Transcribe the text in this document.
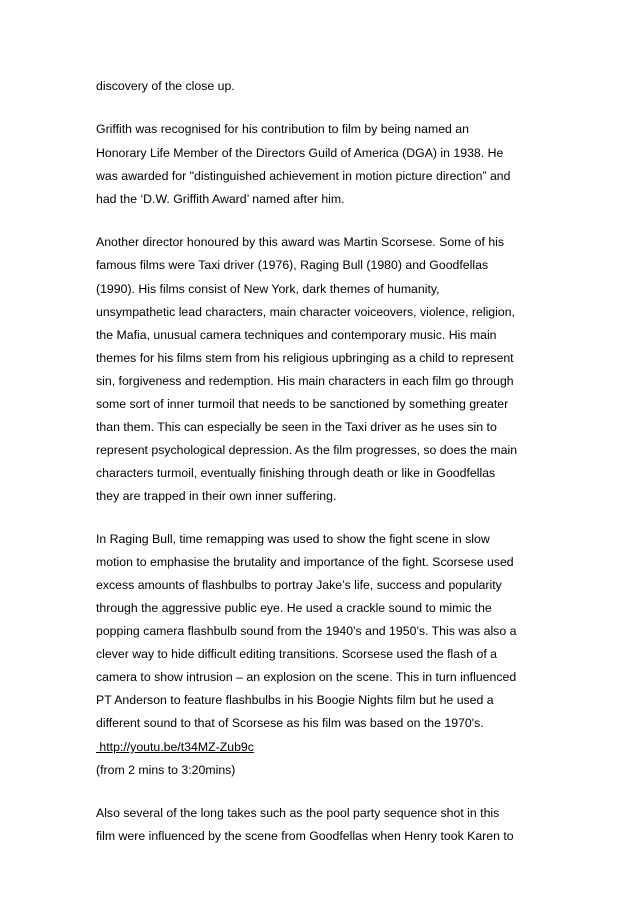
discovery of the close up.
Griffith was recognised for his contribution to film by being named an
Honorary Life Member of the Directors Guild of America (DGA) in 1938. He
was awarded for "distinguished achievement in motion picture direction” and
had the ‘D.W. Griffith Award’ named after him.
Another director honoured by this award was Martin Scorsese. Some of his
famous films were Taxi driver (1976), Raging Bull (1980) and Goodfellas
(1990). His films consist of New York, dark themes of humanity,
unsympathetic lead characters, main character voiceovers, violence, religion,
the Mafia, unusual camera techniques and contemporary music. His main
themes for his films stem from his religious upbringing as a child to represent
sin, forgiveness and redemption. His main characters in each film go through
some sort of inner turmoil that needs to be sanctioned by something greater
than them. This can especially be seen in the Taxi driver as he uses sin to
represent psychological depression. As the film progresses, so does the main
characters turmoil, eventually finishing through death or like in Goodfellas
they are trapped in their own inner suffering.
In Raging Bull, time remapping was used to show the fight scene in slow
motion to emphasise the brutality and importance of the fight. Scorsese used
excess amounts of flashbulbs to portray Jake’s life, success and popularity
through the aggressive public eye. He used a crackle sound to mimic the
popping camera flashbulb sound from the 1940’s and 1950’s. This was also a
clever way to hide difficult editing transitions. Scorsese used the flash of a
camera to show intrusion – an explosion on the scene. This in turn influenced
PT Anderson to feature flashbulbs in his Boogie Nights film but he used a
different sound to that of Scorsese as his film was based on the 1970's.
http://youtu.be/t34MZ-Zub9c
(from 2 mins to 3:20mins)
Also several of the long takes such as the pool party sequence shot in this
film were influenced by the scene from Goodfellas when Henry took Karen to
